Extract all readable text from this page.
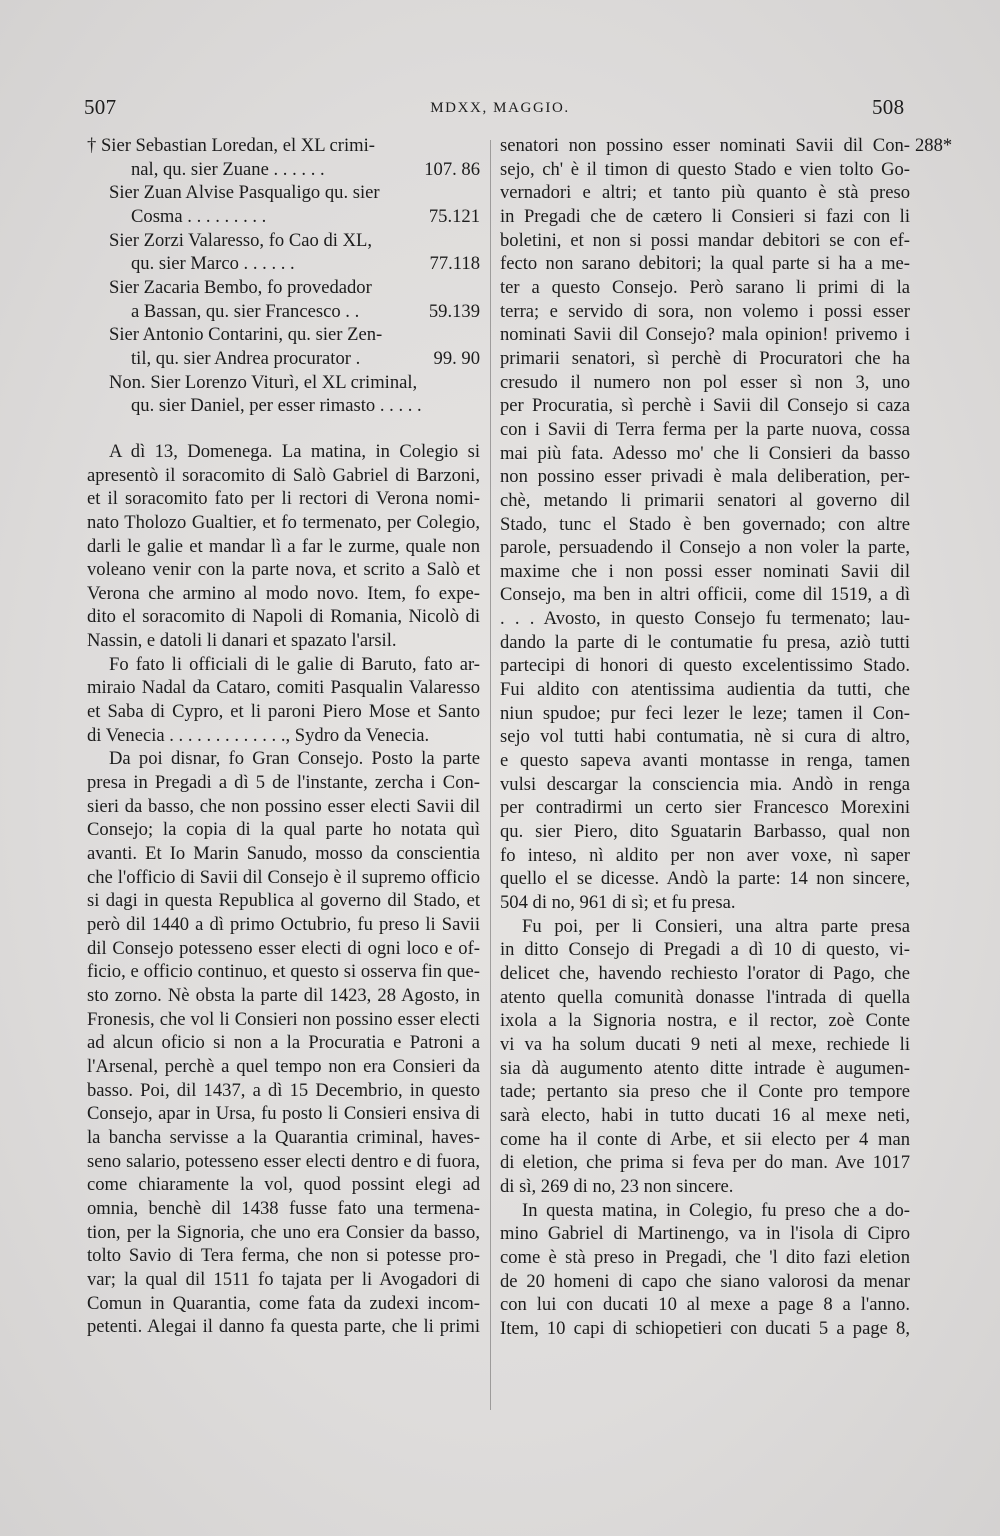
507	MDXX, MAGGIO.	508
288*
† Sier Sebastian Loredan, el XL crimi-
nal, qu. sier Zuane . . . . . .	107. 86
Sier Zuan Alvise Pasqualigo qu. sier
Cosma . . . . . . . . .	75.121
Sier Zorzi Valaresso, fo Cao di XL,
qu. sier Marco . . . . . .	77.118
Sier Zacaria Bembo, fo provedador
a Bassan, qu. sier Francesco . .	59.139
Sier Antonio Contarini, qu. sier Zen-
til, qu. sier Andrea procurator .	99. 90
Non. Sier Lorenzo Viturì, el XL criminal,
qu. sier Daniel, per esser rimasto . . . . .
A dì 13, Domenega. La matina, in Colegio si
apresentò il soracomito di Salò Gabriel di Barzoni,
et il soracomito fato per li rectori di Verona nomi-
nato Tholozo Gualtier, et fo termenato, per Colegio,
darli le galie et mandar lì a far le zurme, quale non
voleano venir con la parte nova, et scrito a Salò et
Verona che armino al modo novo. Item, fo expe-
dito el soracomito di Napoli di Romania, Nicolò di
Nassin, e datoli li danari et spazato l'arsil.
Fo fato li officiali di le galie di Baruto, fato ar-
miraio Nadal da Cataro, comiti Pasqualin Valaresso
et Saba di Cypro, et li paroni Piero Mose et Santo
di Venecia . . . . . . . . . . . . ., Sydro da Venecia.
Da poi disnar, fo Gran Consejo. Posto la parte
presa in Pregadi a dì 5 de l'instante, zercha i Con-
sieri da basso, che non possino esser electi Savii dil
Consejo; la copia di la qual parte ho notata quì
avanti. Et Io Marin Sanudo, mosso da conscientia
che l'officio di Savii dil Consejo è il supremo officio
si dagi in questa Republica al governo dil Stado, et
però dil 1440 a dì primo Octubrio, fu preso li Savii
dil Consejo potesseno esser electi di ogni loco e of-
ficio, e officio continuo, et questo si osserva fin que-
sto zorno. Nè obsta la parte dil 1423, 28 Agosto, in
Fronesis, che vol li Consieri non possino esser electi
ad alcun oficio si non a la Procuratia e Patroni a
l'Arsenal, perchè a quel tempo non era Consieri da
basso. Poi, dil 1437, a dì 15 Decembrio, in questo
Consejo, apar in Ursa, fu posto li Consieri ensiva di
la bancha servisse a la Quarantia criminal, haves-
seno salario, potesseno esser electi dentro e di fuora,
come chiaramente la vol, quod possint elegi ad
omnia, benchè dil 1438 fusse fato una termena-
tion, per la Signoria, che uno era Consier da basso,
tolto Savio di Tera ferma, che non si potesse pro-
var; la qual dil 1511 fo tajata per li Avogadori di
Comun in Quarantia, come fata da zudexi incom-
petenti. Alegai il danno fa questa parte, che li primi
senatori non possino esser nominati Savii dil Con-
sejo, ch' è il timon di questo Stado e vien tolto Go-
vernadori e altri; et tanto più quanto è stà preso
in Pregadi che de cætero li Consieri si fazi con li
boletini, et non si possi mandar debitori se con ef-
fecto non sarano debitori; la qual parte si ha a me-
ter a questo Consejo. Però sarano li primi di la
terra; e servido di sora, non volemo i possi esser
nominati Savii dil Consejo? mala opinion! privemo i
primarii senatori, sì perchè di Procuratori che ha
cresudo il numero non pol esser sì non 3, uno
per Procuratia, sì perchè i Savii dil Consejo si caza
con i Savii di Terra ferma per la parte nuova, cossa
mai più fata. Adesso mo' che li Consieri da basso
non possino esser privadi è mala deliberation, per-
chè, metando li primarii senatori al governo dil
Stado, tunc el Stado è ben governado; con altre
parole, persuadendo il Consejo a non voler la parte,
maxime che i non possi esser nominati Savii dil
Consejo, ma ben in altri officii, come dil 1519, a dì
. . . Avosto, in questo Consejo fu termenato; lau-
dando la parte di le contumatie fu presa, aziò tutti
partecipi di honori di questo excelentissimo Stado.
Fui aldito con atentissima audientia da tutti, che
niun spudoe; pur feci lezer le leze; tamen il Con-
sejo vol tutti habi contumatia, nè si cura di altro,
e questo sapeva avanti montasse in renga, tamen
vulsi descargar la consciencia mia. Andò in renga
per contradirmi un certo sier Francesco Morexini
qu. sier Piero, dito Sguatarin Barbasso, qual non
fo inteso, nì aldito per non aver voxe, nì saper
quello el se dicesse. Andò la parte: 14 non sincere,
504 di no, 961 di sì; et fu presa.
Fu poi, per li Consieri, una altra parte presa
in ditto Consejo di Pregadi a dì 10 di questo, vi-
delicet che, havendo rechiesto l'orator di Pago, che
atento quella comunità donasse l'intrada di quella
ixola a la Signoria nostra, e il rector, zoè Conte
vi va ha solum ducati 9 neti al mexe, rechiede li
sia dà augumento atento ditte intrade è augumen-
tade; pertanto sia preso che il Conte pro tempore
sarà electo, habi in tutto ducati 16 al mexe neti,
come ha il conte di Arbe, et sii electo per 4 man
di eletion, che prima si feva per do man. Ave 1017
di sì, 269 di no, 23 non sincere.
In questa matina, in Colegio, fu preso che a do-
mino Gabriel di Martinengo, va in l'isola di Cipro
come è stà preso in Pregadi, che 'l dito fazi eletion
de 20 homeni di capo che siano valorosi da menar
con lui con ducati 10 al mexe a page 8 a l'anno.
Item, 10 capi di schiopetieri con ducati 5 a page 8,
